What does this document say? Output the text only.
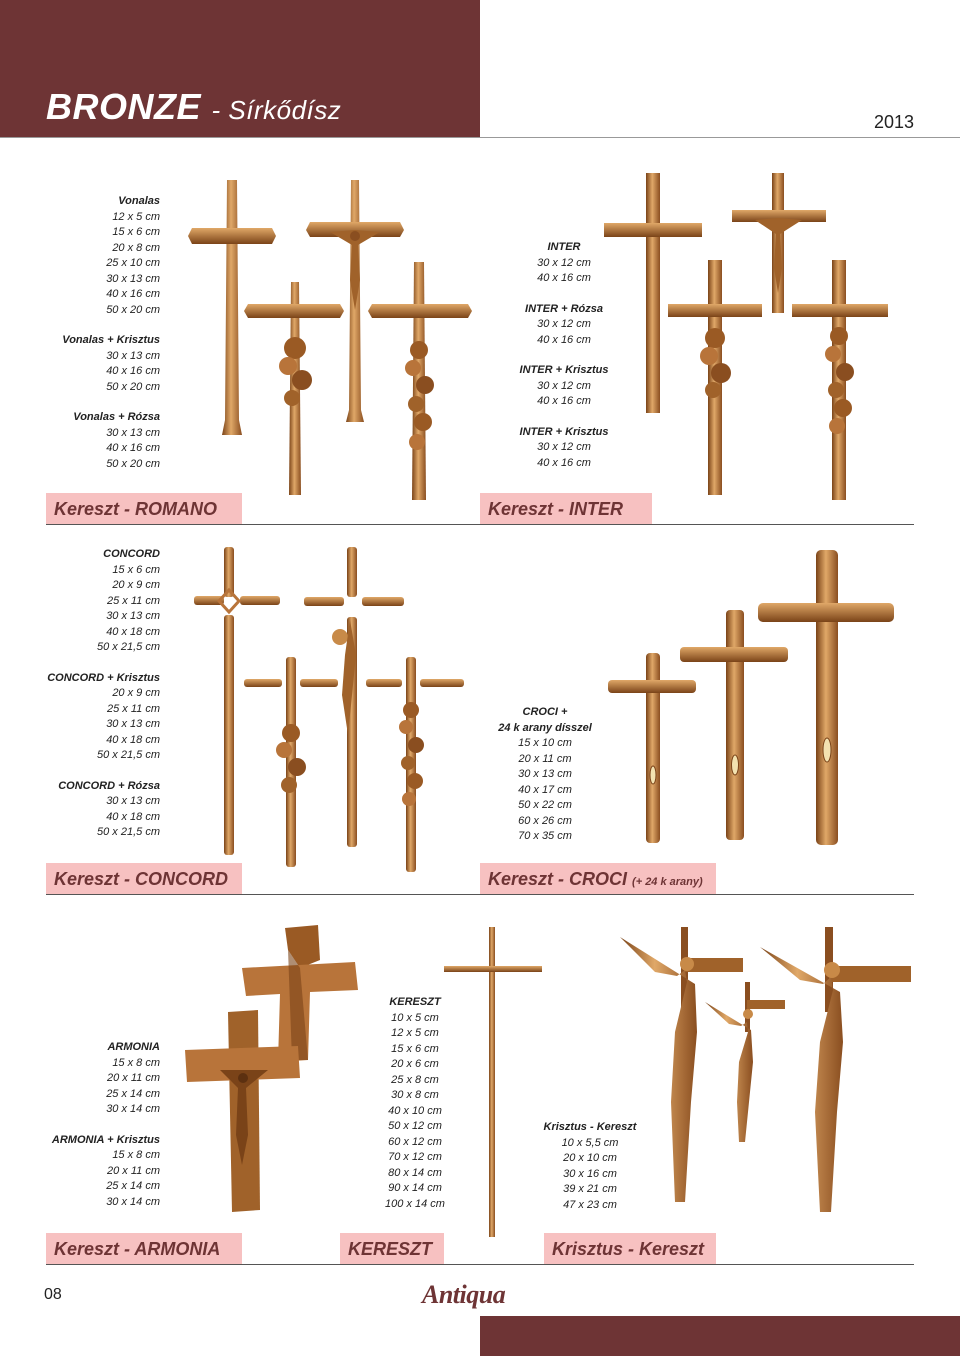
BRONZE - Sírkődísz	2013
Vonalas
12 x 5 cm
15 x 6 cm
20 x 8 cm
25 x 10 cm
30 x 13 cm
40 x 16 cm
50 x 20 cm
Vonalas + Krisztus
30 x 13 cm
40 x 16 cm
50 x 20 cm
Vonalas + Rózsa
30 x 13 cm
40 x 16 cm
50 x 20 cm
INTER
30 x 12 cm
40 x 16 cm
INTER + Rózsa
30 x 12 cm
40 x 16 cm
INTER + Krisztus
30 x 12 cm
40 x 16 cm
INTER + Krisztus
30 x 12 cm
40 x 16 cm
Kereszt - ROMANO	Kereszt - INTER
CONCORD
15 x 6 cm
20 x 9 cm
25 x 11 cm
30 x 13 cm
40 x 18 cm
50 x 21,5 cm
CONCORD + Krisztus
20 x 9 cm
25 x 11 cm
30 x 13 cm
40 x 18 cm
50 x 21,5 cm
CONCORD + Rózsa
30 x 13 cm
40 x 18 cm
50 x 21,5 cm
CROCI +
24 k arany dísszel
15 x 10 cm
20 x 11 cm
30 x 13 cm
40 x 17 cm
50 x 22 cm
60 x 26 cm
70 x 35 cm
Kereszt - CONCORD	Kereszt - CROCI (+ 24 k arany)
ARMONIA
15 x 8 cm
20 x 11 cm
25 x 14 cm
30 x 14 cm
ARMONIA + Krisztus
15 x 8 cm
20 x 11 cm
25 x 14 cm
30 x 14 cm
KERESZT
10 x 5 cm
12 x 5 cm
15 x 6 cm
20 x 6 cm
25 x 8 cm
30 x 8 cm
40 x 10 cm
50 x 12 cm
60 x 12 cm
70 x 12 cm
80 x 14 cm
90 x 14 cm
100 x 14 cm
Krisztus - Kereszt
10 x 5,5 cm
20 x 10 cm
30 x 16 cm
39 x 21 cm
47 x 23 cm
Kereszt - ARMONIA	KERESZT	Krisztus - Kereszt
08	Antiqua
